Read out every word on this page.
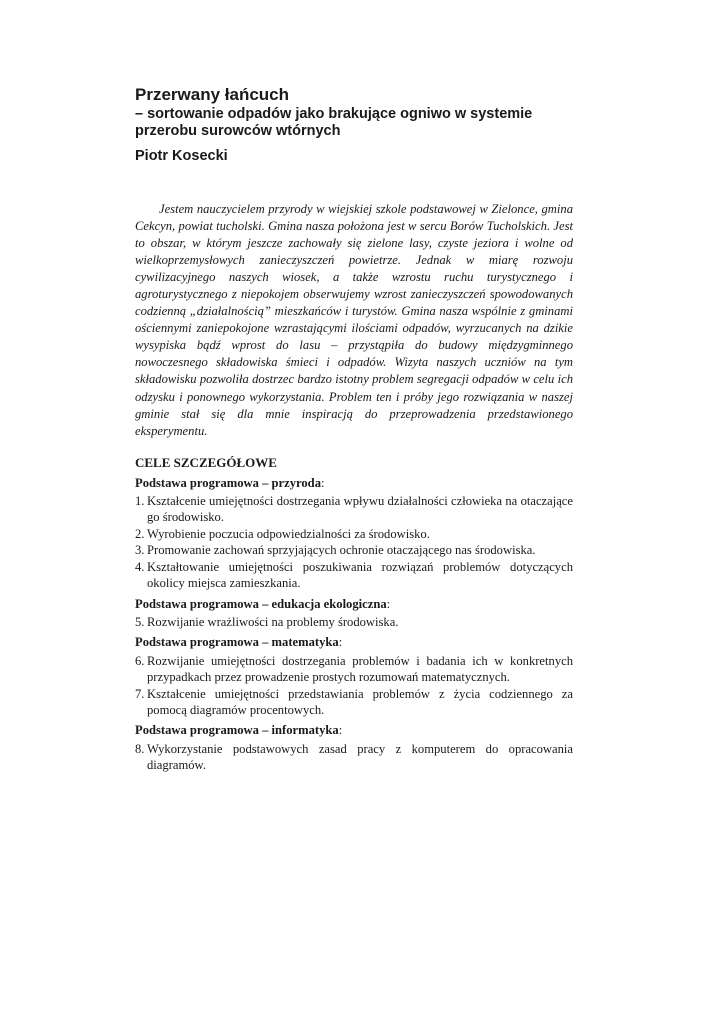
Przerwany łańcuch
– sortowanie odpadów jako brakujące ogniwo w systemie przerobu surowców wtórnych
Piotr Kosecki

Jestem nauczycielem przyrody w wiejskiej szkole podstawowej w Zielonce, gmina Cekcyn, powiat tucholski. Gmina nasza położona jest w sercu Borów Tucholskich. Jest to obszar, w którym jeszcze zachowały się zielone lasy, czyste jeziora i wolne od wielkoprzemysłowych zanieczyszczeń powietrze. Jednak w miarę rozwoju cywilizacyjnego naszych wiosek, a także wzrostu ruchu turystycznego i agroturystycznego z niepokojem obserwujemy wzrost zanieczyszczeń spowodowanych codzienną „działalnością” mieszkańców i turystów. Gmina nasza wspólnie z gminami ościennymi zaniepokojone wzrastającymi ilościami odpadów, wyrzucanych na dzikie wysypiska bądź wprost do lasu – przystąpiła do budowy międzygminnego nowoczesnego składowiska śmieci i odpadów. Wizyta naszych uczniów na tym składowisku pozwoliła dostrzec bardzo istotny problem segregacji odpadów w celu ich odzysku i ponownego wykorzystania. Problem ten i próby jego rozwiązania w naszej gminie stał się dla mnie inspiracją do przeprowadzenia przedstawionego eksperymentu.

CELE SZCZEGÓŁOWE
Podstawa programowa – przyroda:
1. Kształcenie umiejętności dostrzegania wpływu działalności człowieka na otaczające go środowisko.
2. Wyrobienie poczucia odpowiedzialności za środowisko.
3. Promowanie zachowań sprzyjających ochronie otaczającego nas środowiska.
4. Kształtowanie umiejętności poszukiwania rozwiązań problemów dotyczących okolicy miejsca zamieszkania.
Podstawa programowa – edukacja ekologiczna:
5. Rozwijanie wrażliwości na problemy środowiska.
Podstawa programowa – matematyka:
6. Rozwijanie umiejętności dostrzegania problemów i badania ich w konkretnych przypadkach przez prowadzenie prostych rozumowań matematycznych.
7. Kształcenie umiejętności przedstawiania problemów z życia codziennego za pomocą diagramów procentowych.
Podstawa programowa – informatyka:
8. Wykorzystanie podstawowych zasad pracy z komputerem do opracowania diagramów.
